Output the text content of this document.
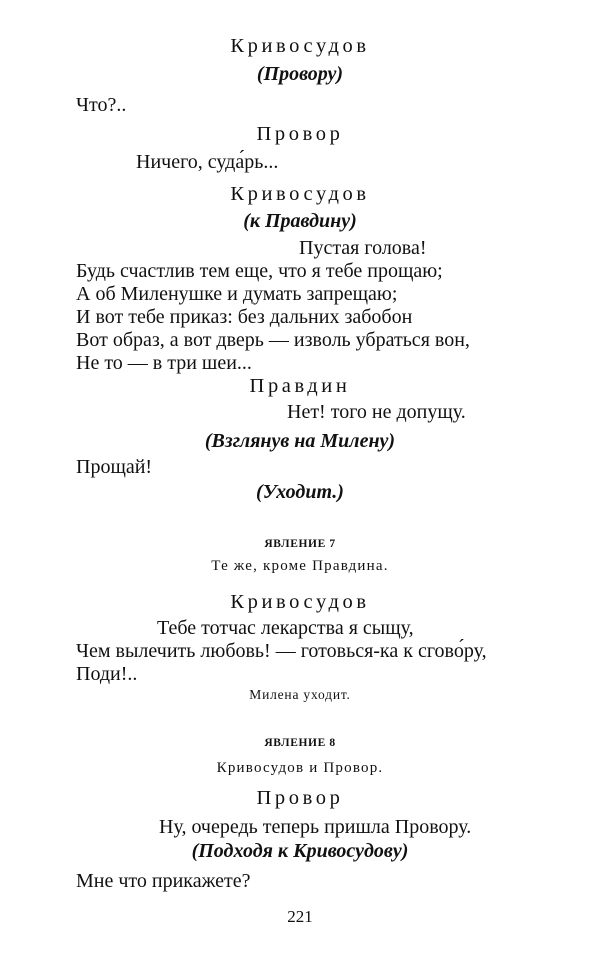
Кривосудов
(Провору)
Что?..
Провор
Ничего, суда́рь...
Кривосудов
(к Правдину)
Пустая голова!
Будь счастлив тем еще, что я тебе прощаю;
А об Миленушке и думать запрещаю;
И вот тебе приказ: без дальних забобон
Вот образ, а вот дверь — изволь убраться вон,
Не то — в три шеи...
Правдин
Нет! того не допущу.
(Взглянув на Милену)
Прощай!
(Уходит.)
ЯВЛЕНИЕ 7
Те же, кроме Правдина.
Кривосудов
Тебе тотчас лекарства я сыщу,
Чем вылечить любовь! — готовься-ка к сгово́ру,
Поди!..
Милена уходит.
ЯВЛЕНИЕ 8
Кривосудов и Провор.
Провор
Ну, очередь теперь пришла Провору.
(Подходя к Кривосудову)
Мне что прикажете?
221
